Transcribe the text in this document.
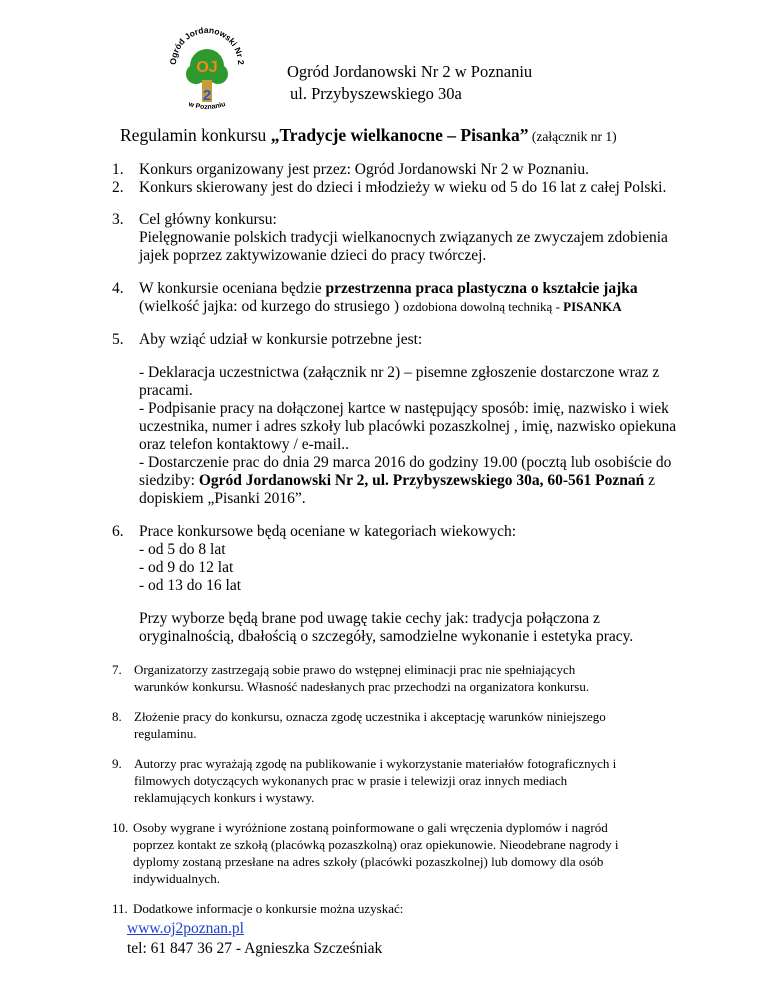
Ogród Jordanowski Nr 2
OJ
2
w Poznaniu
Ogród Jordanowski Nr 2 w Poznaniu
ul. Przybyszewskiego 30a
Regulamin konkursu „Tradycje wielkanocne – Pisanka” (załącznik nr 1)
1. Konkurs organizowany jest przez: Ogród Jordanowski Nr 2 w Poznaniu.
2. Konkurs skierowany jest do dzieci i młodzieży w wieku od 5 do 16 lat z całej Polski.
3. Cel główny konkursu:
Pielęgnowanie polskich tradycji wielkanocnych związanych ze zwyczajem zdobienia
jajek poprzez zaktywizowanie dzieci do pracy twórczej.
4. W konkursie oceniana będzie przestrzenna praca plastyczna o kształcie jajka
(wielkość jajka: od kurzego do strusiego ) ozdobiona dowolną techniką - PISANKA
5. Aby wziąć udział w konkursie potrzebne jest:
- Deklaracja uczestnictwa (załącznik nr 2) – pisemne zgłoszenie dostarczone wraz z
pracami.
- Podpisanie pracy na dołączonej kartce w następujący sposób: imię, nazwisko i wiek
uczestnika, numer i adres szkoły lub placówki pozaszkolnej , imię, nazwisko opiekuna
oraz telefon kontaktowy / e-mail..
- Dostarczenie prac do dnia 29 marca 2016 do godziny 19.00 (pocztą lub osobiście do
siedziby: Ogród Jordanowski Nr 2, ul. Przybyszewskiego 30a, 60-561 Poznań z
dopiskiem „Pisanki 2016”.
6. Prace konkursowe będą oceniane w kategoriach wiekowych:
- od 5 do 8 lat
- od 9 do 12 lat
- od 13 do 16 lat
Przy wyborze będą brane pod uwagę takie cechy jak: tradycja połączona z
oryginalnością, dbałością o szczegóły, samodzielne wykonanie i estetyka pracy.
7. Organizatorzy zastrzegają sobie prawo do wstępnej eliminacji prac nie spełniających
warunków konkursu. Własność nadesłanych prac przechodzi na organizatora konkursu.
8. Złożenie pracy do konkursu, oznacza zgodę uczestnika i akceptację warunków niniejszego
regulaminu.
9. Autorzy prac wyrażają zgodę na publikowanie i wykorzystanie materiałów fotograficznych i
filmowych dotyczących wykonanych prac w prasie i telewizji oraz innych mediach
reklamujących konkurs i wystawy.
10. Osoby wygrane i wyróżnione zostaną poinformowane o gali wręczenia dyplomów i nagród
poprzez kontakt ze szkołą (placówką pozaszkolną) oraz opiekunowie. Nieodebrane nagrody i
dyplomy zostaną przesłane na adres szkoły (placówki pozaszkolnej) lub domowy dla osób
indywidualnych.
11. Dodatkowe informacje o konkursie można uzyskać:
www.oj2poznan.pl
tel: 61 847 36 27 - Agnieszka Szcześniak
